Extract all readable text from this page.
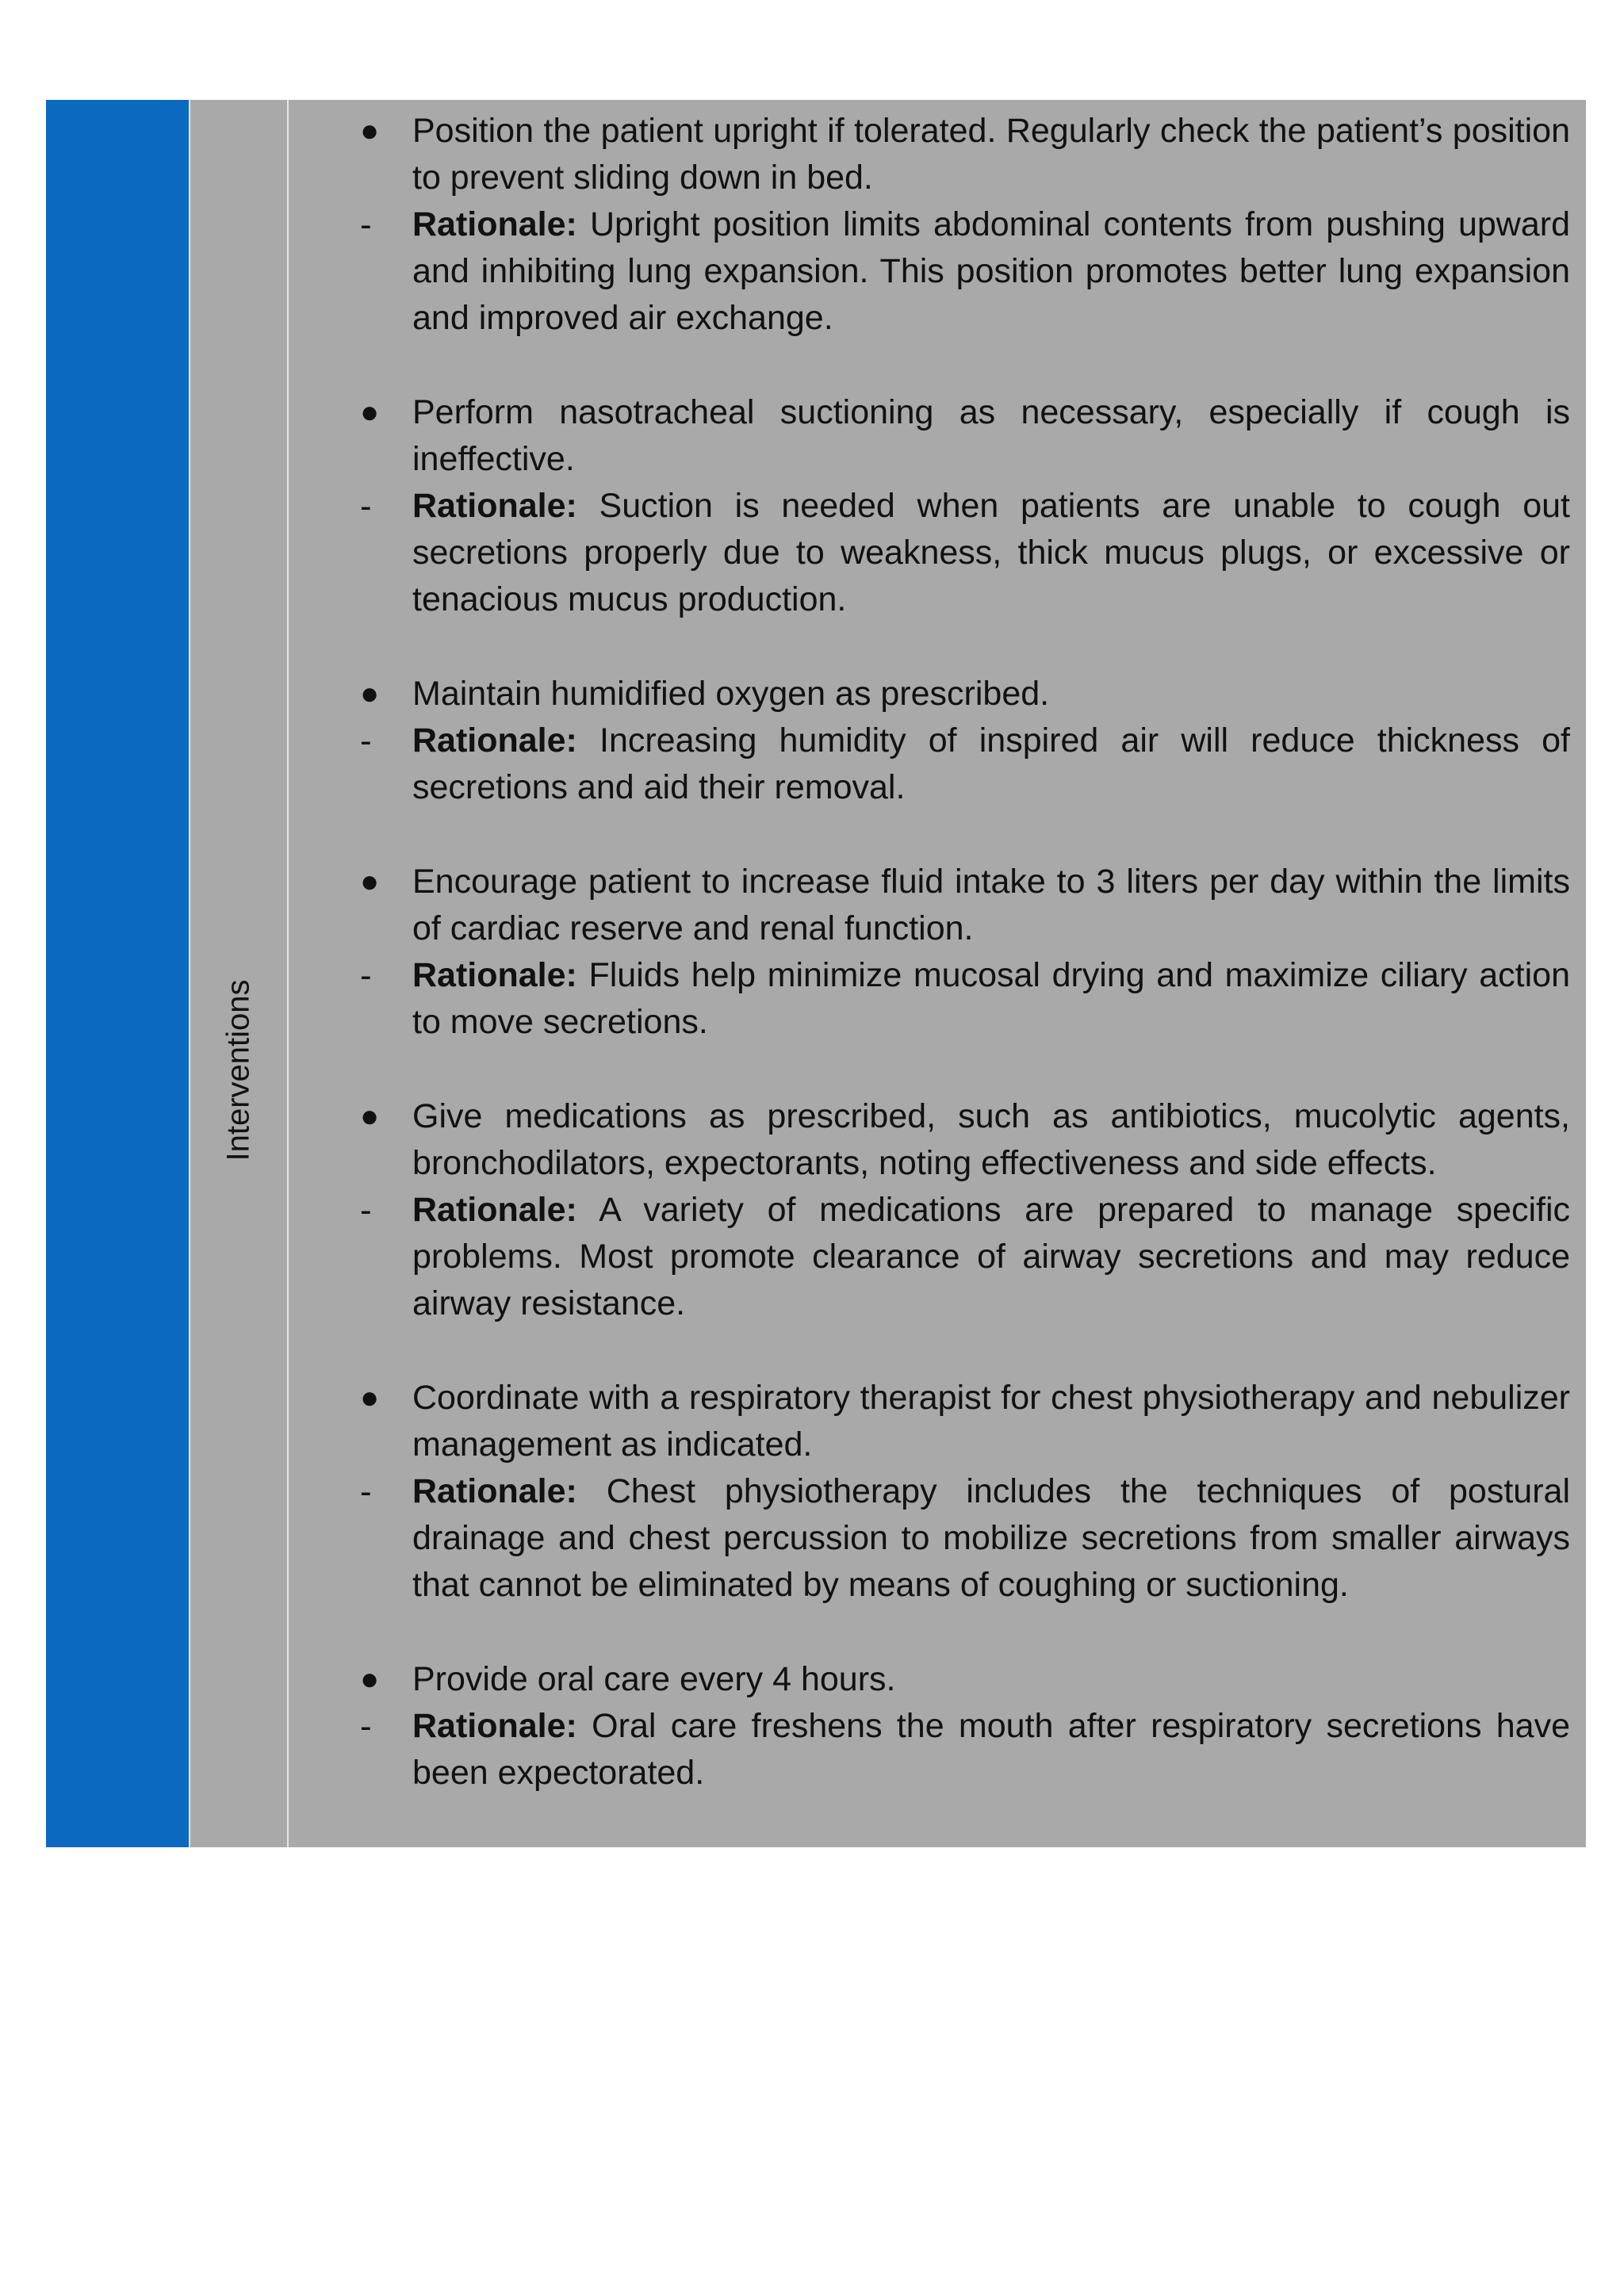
Interventions
● Position the patient upright if tolerated. Regularly check the patient’s position to prevent sliding down in bed.
-	Rationale: Upright position limits abdominal contents from pushing upward and inhibiting lung expansion. This position promotes better lung expansion and improved air exchange.
● Perform nasotracheal suctioning as necessary, especially if cough is ineffective.
-	Rationale: Suction is needed when patients are unable to cough out secretions properly due to weakness, thick mucus plugs, or excessive or tenacious mucus production.
● Maintain humidified oxygen as prescribed.
-	Rationale: Increasing humidity of inspired air will reduce thickness of secretions and aid their removal.
● Encourage patient to increase fluid intake to 3 liters per day within the limits of cardiac reserve and renal function.
-	Rationale: Fluids help minimize mucosal drying and maximize ciliary action to move secretions.
● Give medications as prescribed, such as antibiotics, mucolytic agents, bronchodilators, expectorants, noting effectiveness and side effects.
-	Rationale: A variety of medications are prepared to manage specific problems. Most promote clearance of airway secretions and may reduce airway resistance.
● Coordinate with a respiratory therapist for chest physiotherapy and nebulizer management as indicated.
-	Rationale: Chest physiotherapy includes the techniques of postural drainage and chest percussion to mobilize secretions from smaller airways that cannot be eliminated by means of coughing or suctioning.
● Provide oral care every 4 hours.
-	Rationale: Oral care freshens the mouth after respiratory secretions have been expectorated.
